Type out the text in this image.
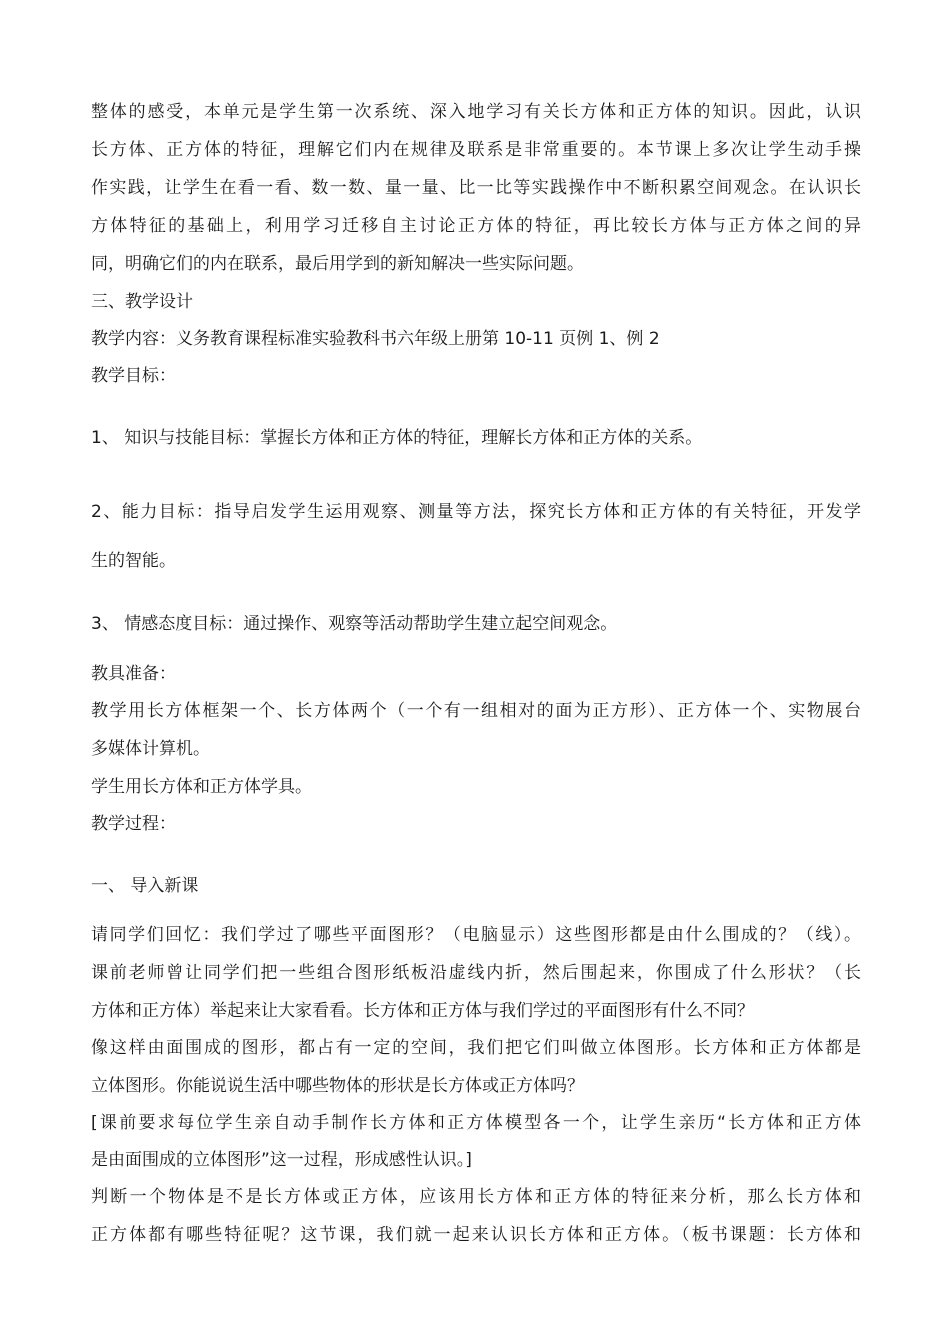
整体的感受，本单元是学生第一次系统、深入地学习有关长方体和正方体的知识。因此，认识
长方体、正方体的特征，理解它们内在规律及联系是非常重要的。本节课上多次让学生动手操
作实践，让学生在看一看、数一数、量一量、比一比等实践操作中不断积累空间观念。在认识长
方体特征的基础上，利用学习迁移自主讨论正方体的特征，再比较长方体与正方体之间的异
同，明确它们的内在联系，最后用学到的新知解决一些实际问题。
三、教学设计
教学内容：义务教育课程标准实验教科书六年级上册第 10-11 页例 1、例 2
教学目标：
1、 知识与技能目标：掌握长方体和正方体的特征，理解长方体和正方体的关系。
2、能力目标：指导启发学生运用观察、测量等方法，探究长方体和正方体的有关特征，开发学
生的智能。
3、 情感态度目标：通过操作、观察等活动帮助学生建立起空间观念。
教具准备：
教学用长方体框架一个、长方体两个（一个有一组相对的面为正方形）、正方体一个、实物展台
多媒体计算机。
学生用长方体和正方体学具。
教学过程：
一、 导入新课
请同学们回忆：我们学过了哪些平面图形？（电脑显示）这些图形都是由什么围成的？（线）。
课前老师曾让同学们把一些组合图形纸板沿虚线内折，然后围起来，你围成了什么形状？（长
方体和正方体）举起来让大家看看。长方体和正方体与我们学过的平面图形有什么不同？
像这样由面围成的图形，都占有一定的空间，我们把它们叫做立体图形。长方体和正方体都是
立体图形。你能说说生活中哪些物体的形状是长方体或正方体吗？
[课前要求每位学生亲自动手制作长方体和正方体模型各一个，让学生亲历“长方体和正方体
是由面围成的立体图形”这一过程，形成感性认识。]
判断一个物体是不是长方体或正方体，应该用长方体和正方体的特征来分析，那么长方体和
正方体都有哪些特征呢？这节课，我们就一起来认识长方体和正方体。（板书课题：长方体和
